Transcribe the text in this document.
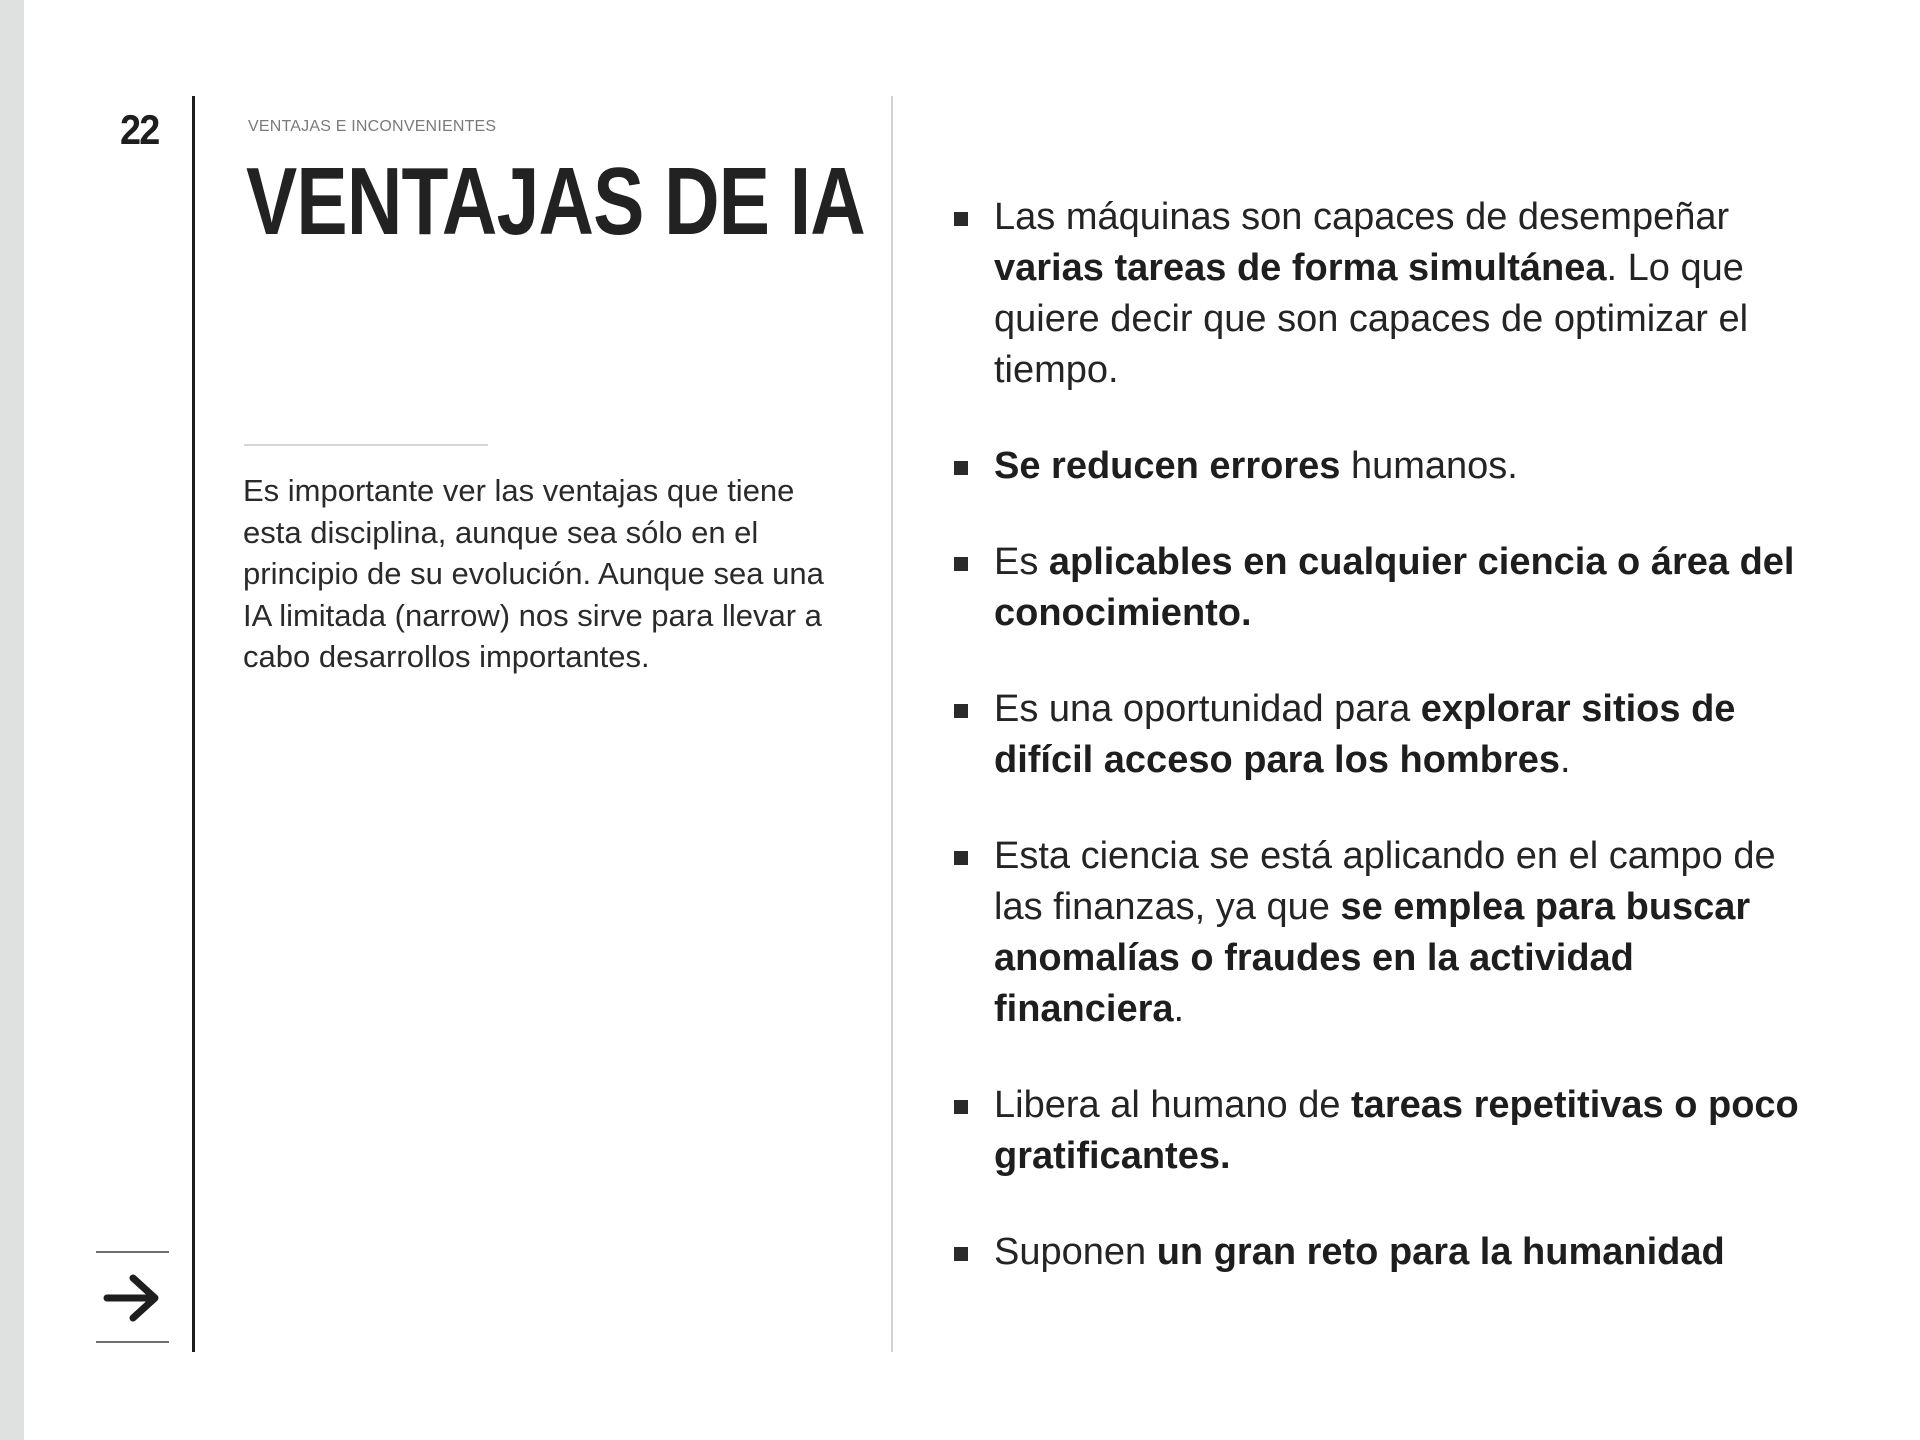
22	VENTAJAS E INCONVENIENTES
VENTAJAS DE IA

Es importante ver las ventajas que tiene esta disciplina, aunque sea sólo en el principio de su evolución. Aunque sea una IA limitada (narrow) nos sirve para llevar a cabo desarrollos importantes.

Las máquinas son capaces de desempeñar varias tareas de forma simultánea. Lo que quiere decir que son capaces de optimizar el tiempo.
Se reducen errores humanos.
Es aplicables en cualquier ciencia o área del conocimiento.
Es una oportunidad para explorar sitios de difícil acceso para los hombres.
Esta ciencia se está aplicando en el campo de las finanzas, ya que se emplea para buscar anomalías o fraudes en la actividad financiera.
Libera al humano de tareas repetitivas o poco gratificantes.
Suponen un gran reto para la humanidad
